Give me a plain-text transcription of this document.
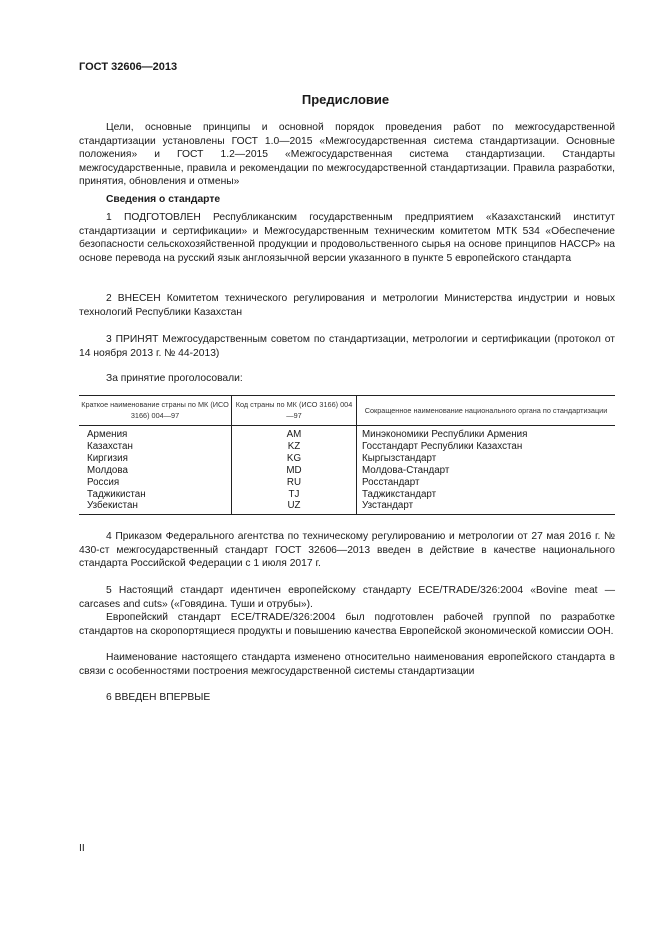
ГОСТ 32606—2013
Предисловие
Цели, основные принципы и основной порядок проведения работ по межгосударственной стандартизации установлены ГОСТ 1.0—2015 «Межгосударственная система стандартизации. Основные положения» и ГОСТ 1.2—2015 «Межгосударственная система стандартизации. Стандарты межгосударственные, правила и рекомендации по межгосударственной стандартизации. Правила разработки, принятия, обновления и отмены»
Сведения о стандарте
1 ПОДГОТОВЛЕН Республиканским государственным предприятием «Казахстанский институт стандартизации и сертификации» и Межгосударственным техническим комитетом МТК 534 «Обеспечение безопасности сельскохозяйственной продукции и продовольственного сырья на основе принципов НАССР» на основе перевода на русский язык англоязычной версии указанного в пункте 5 европейского стандарта
2 ВНЕСЕН Комитетом технического регулирования и метрологии Министерства индустрии и новых технологий Республики Казахстан
3 ПРИНЯТ Межгосударственным советом по стандартизации, метрологии и сертификации (протокол от 14 ноября 2013 г. № 44-2013)
За принятие проголосовали:
Краткое наименование страны по МК (ИСО 3166) 004—97	Код страны по МК (ИСО 3166) 004—97	Сокращенное наименование национального органа по стандартизации
Армения	AM	Минэкономики Республики Армения
Казахстан	KZ	Госстандарт Республики Казахстан
Киргизия	KG	Кыргызстандарт
Молдова	MD	Молдова-Стандарт
Россия	RU	Росстандарт
Таджикистан	TJ	Таджикстандарт
Узбекистан	UZ	Узстандарт
4 Приказом Федерального агентства по техническому регулированию и метрологии от 27 мая 2016 г. № 430-ст межгосударственный стандарт ГОСТ 32606—2013 введен в действие в качестве национального стандарта Российской Федерации с 1 июля 2017 г.
5 Настоящий стандарт идентичен европейскому стандарту ECE/TRADE/326:2004 «Bovine meat — carcases and cuts» («Говядина. Туши и отрубы»).
Европейский стандарт ECE/TRADE/326:2004 был подготовлен рабочей группой по разработке стандартов на скоропортящиеся продукты и повышению качества Европейской экономической комиссии ООН.
Наименование настоящего стандарта изменено относительно наименования европейского стандарта в связи с особенностями построения межгосударственной системы стандартизации
6 ВВЕДЕН ВПЕРВЫЕ
II
